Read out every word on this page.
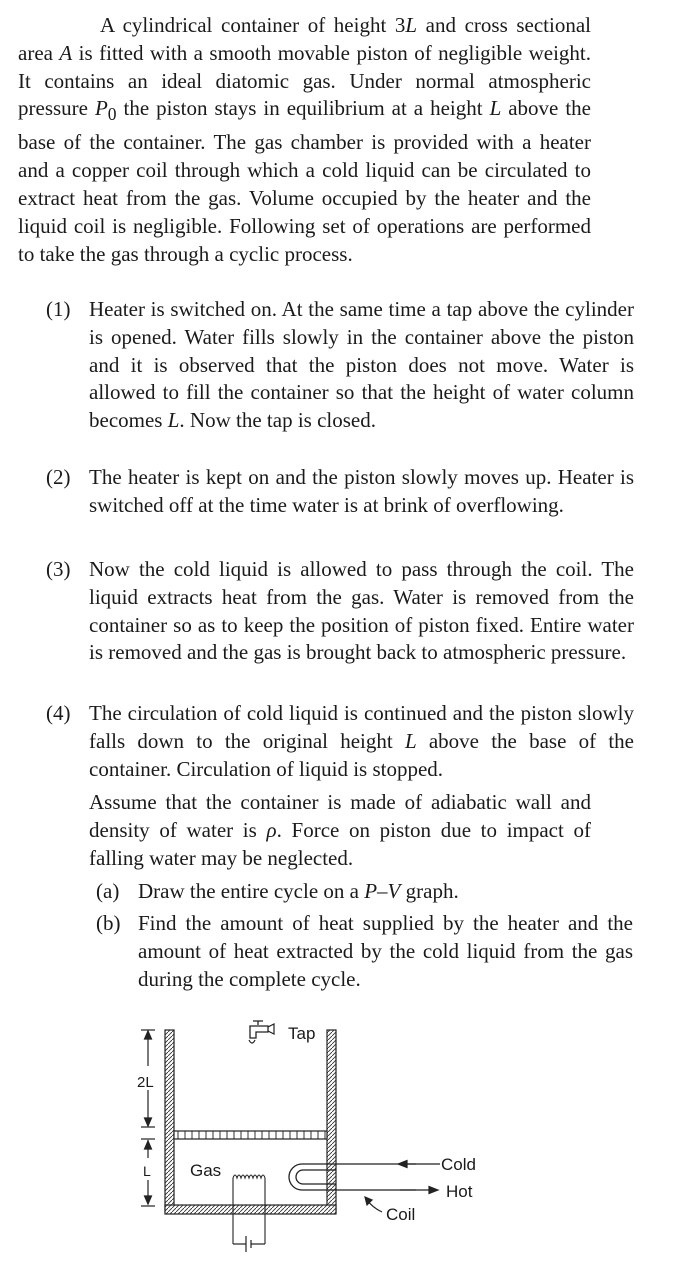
A cylindrical container of height 3L and cross sectional area A is fitted with a smooth movable piston of negligible weight. It contains an ideal diatomic gas. Under normal atmospheric pressure $P_0$ the piston stays in equilibrium at a height L above the base of the container. The gas chamber is provided with a heater and a copper coil through which a cold liquid can be circulated to extract heat from the gas. Volume occupied by the heater and the liquid coil is negligible. Following set of operations are performed to take the gas through a cyclic process.
(1) Heater is switched on. At the same time a tap above the cylinder is opened. Water fills slowly in the container above the piston and it is observed that the piston does not move. Water is allowed to fill the container so that the height of water column becomes L. Now the tap is closed.
(2) The heater is kept on and the piston slowly moves up. Heater is switched off at the time water is at brink of overflowing.
(3) Now the cold liquid is allowed to pass through the coil. The liquid extracts heat from the gas. Water is removed from the container so as to keep the position of piston fixed. Entire water is removed and the gas is brought back to atmospheric pressure.
(4) The circulation of cold liquid is continued and the piston slowly falls down to the original height L above the base of the container. Circulation of liquid is stopped.
Assume that the container is made of adiabatic wall and density of water is ρ. Force on piston due to impact of falling water may be neglected.
(a) Draw the entire cycle on a P–V graph.
(b) Find the amount of heat supplied by the heater and the amount of heat extracted by the cold liquid from the gas during the complete cycle.
Tap
2L
L Gas	Cold
Hot
Coil
